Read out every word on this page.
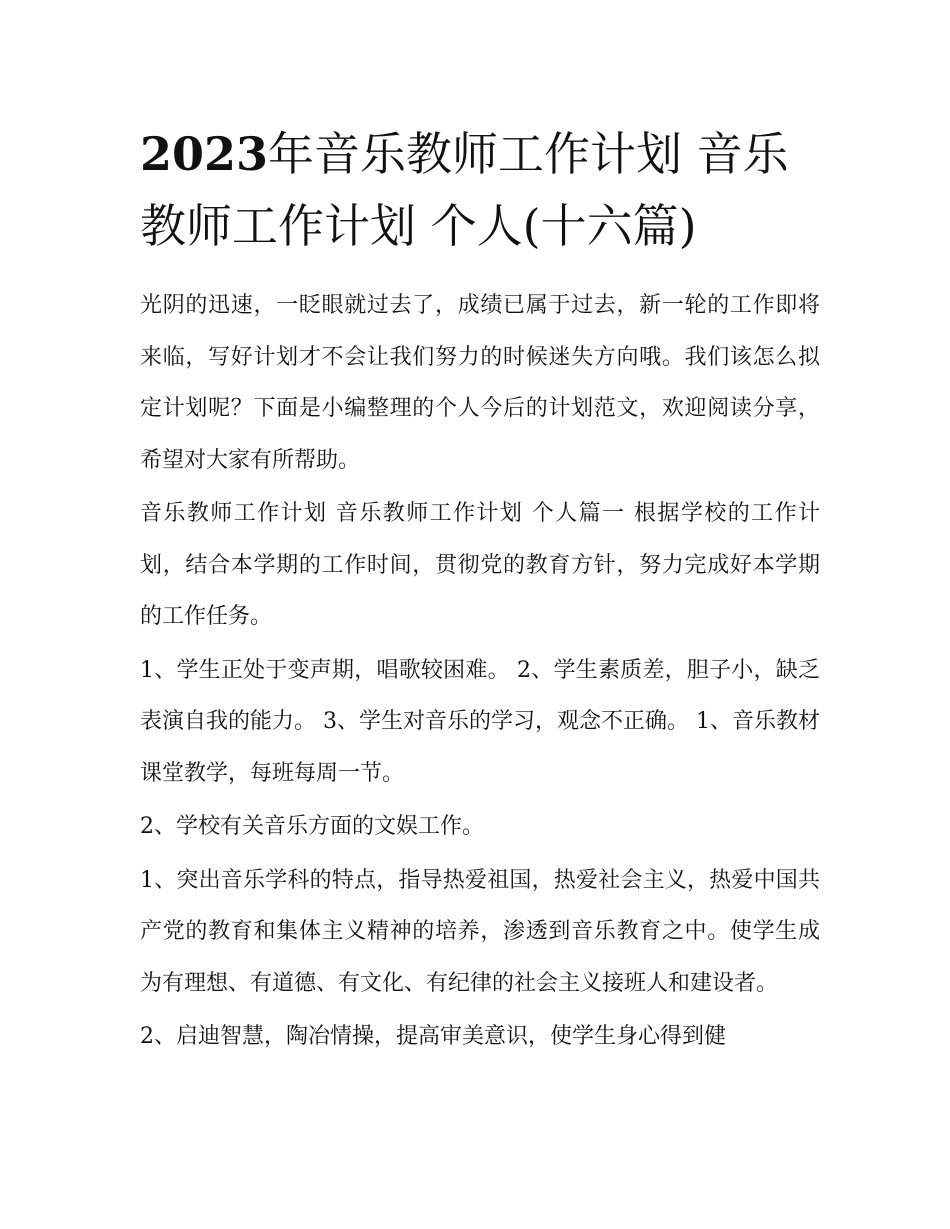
2023年音乐教师工作计划 音乐教师工作计划 个人(十六篇)

光阴的迅速，一眨眼就过去了，成绩已属于过去，新一轮的工作即将来临，写好计划才不会让我们努力的时候迷失方向哦。我们该怎么拟定计划呢？下面是小编整理的个人今后的计划范文，欢迎阅读分享，希望对大家有所帮助。

音乐教师工作计划 音乐教师工作计划 个人篇一 根据学校的工作计划，结合本学期的工作时间，贯彻党的教育方针，努力完成好本学期的工作任务。

1、学生正处于变声期，唱歌较困难。 2、学生素质差，胆子小，缺乏表演自我的能力。 3、学生对音乐的学习，观念不正确。 1、音乐教材课堂教学，每班每周一节。

2、学校有关音乐方面的文娱工作。

1、突出音乐学科的特点，指导热爱祖国，热爱社会主义，热爱中国共产党的教育和集体主义精神的培养，渗透到音乐教育之中。使学生成为有理想、有道德、有文化、有纪律的社会主义接班人和建设者。

2、启迪智慧，陶冶情操，提高审美意识，使学生身心得到健
